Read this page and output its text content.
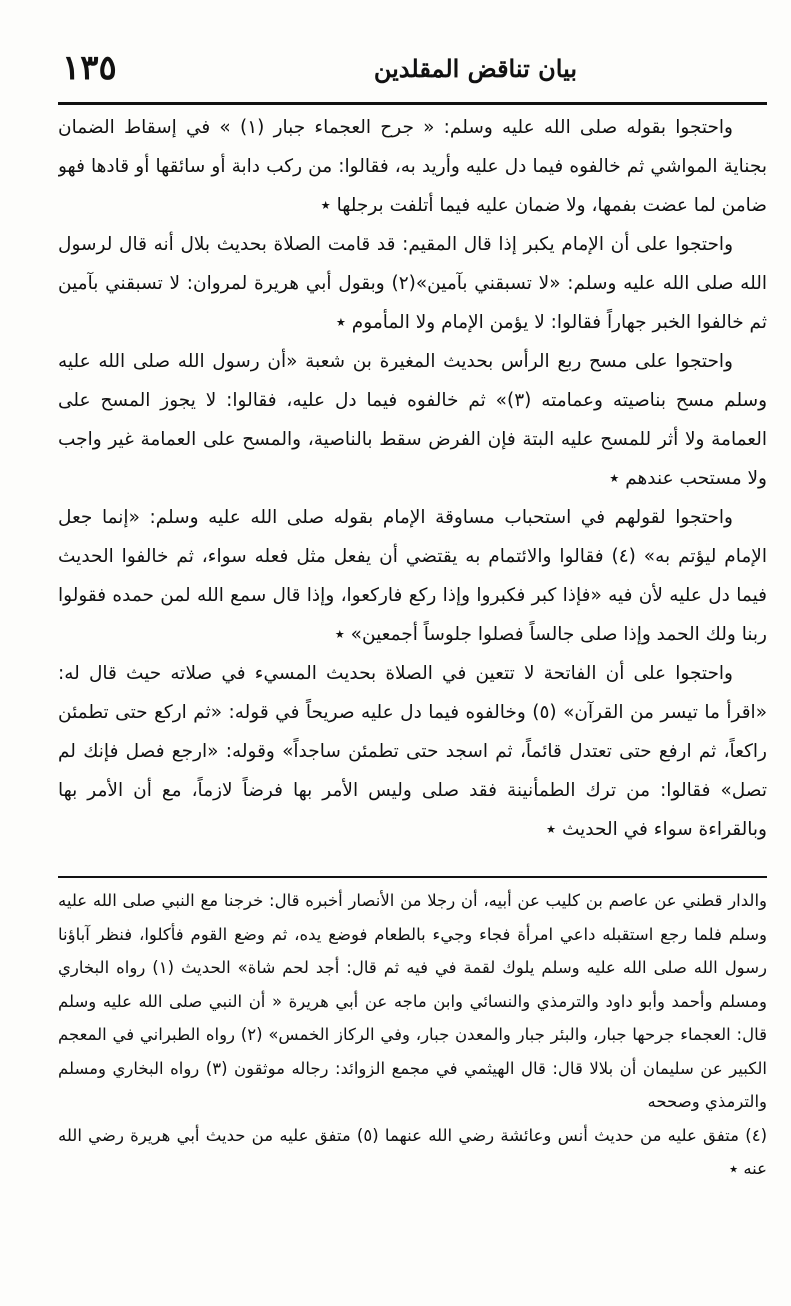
بيان تناقض المقلدين
١٣٥

واحتجوا بقوله صلى الله عليه وسلم: « جرح العجماء جبار (١) » في إسقاط الضمان بجناية المواشي ثم خالفوه فيما دل عليه وأريد به، فقالوا: من ركب دابة أو سائقها أو قادها فهو ضامن لما عضت بفمها، ولا ضمان عليه فيما أتلفت برجلها ٭

واحتجوا على أن الإمام يكبر إذا قال المقيم: قد قامت الصلاة بحديث بلال أنه قال لرسول الله صلى الله عليه وسلم: «لا تسبقني بآمين»(٢) وبقول أبي هريرة لمروان: لا تسبقني بآمين ثم خالفوا الخبر جهاراً فقالوا: لا يؤمن الإمام ولا المأموم ٭

واحتجوا على مسح ربع الرأس بحديث المغيرة بن شعبة «أن رسول الله صلى الله عليه وسلم مسح بناصيته وعمامته (٣)» ثم خالفوه فيما دل عليه، فقالوا: لا يجوز المسح على العمامة ولا أثر للمسح عليه البتة فإن الفرض سقط بالناصية، والمسح على العمامة غير واجب ولا مستحب عندهم ٭

واحتجوا لقولهم في استحباب مساوقة الإمام بقوله صلى الله عليه وسلم: «إنما جعل الإمام ليؤتم به» (٤) فقالوا والائتمام به يقتضي أن يفعل مثل فعله سواء، ثم خالفوا الحديث فيما دل عليه لأن فيه «فإذا كبر فكبروا وإذا ركع فاركعوا، وإذا قال سمع الله لمن حمده فقولوا ربنا ولك الحمد وإذا صلى جالساً فصلوا جلوساً أجمعين» ٭

واحتجوا على أن الفاتحة لا تتعين في الصلاة بحديث المسيء في صلاته حيث قال له: «اقرأ ما تيسر من القرآن» (٥) وخالفوه فيما دل عليه صريحاً في قوله: «ثم اركع حتى تطمئن راكعاً، ثم ارفع حتى تعتدل قائماً، ثم اسجد حتى تطمئن ساجداً» وقوله: «ارجع فصل فإنك لم تصل» فقالوا: من ترك الطمأنينة فقد صلى وليس الأمر بها فرضاً لازماً، مع أن الأمر بها وبالقراءة سواء في الحديث ٭

والدار قطني عن عاصم بن كليب عن أبيه، أن رجلا من الأنصار أخبره قال: خرجنا مع النبي صلى الله عليه وسلم فلما رجع استقبله داعي امرأة فجاء وجيء بالطعام فوضع يده، ثم وضع القوم فأكلوا، فنظر آباؤنا رسول الله صلى الله عليه وسلم يلوك لقمة في فيه ثم قال: أجد لحم شاة» الحديث (١) رواه البخاري ومسلم وأحمد وأبو داود والترمذي والنسائي وابن ماجه عن أبي هريرة « أن النبي صلى الله عليه وسلم قال: العجماء جرحها جبار، والبئر جبار والمعدن جبار، وفي الركاز الخمس» (٢) رواه الطبراني في المعجم الكبير عن سليمان أن بلالا قال: قال الهيثمي في مجمع الزوائد: رجاله موثقون (٣) رواه البخاري ومسلم والترمذي وصححه

(٤) متفق عليه من حديث أنس وعائشة رضي الله عنهما (٥) متفق عليه من حديث أبي هريرة رضي الله عنه ٭
